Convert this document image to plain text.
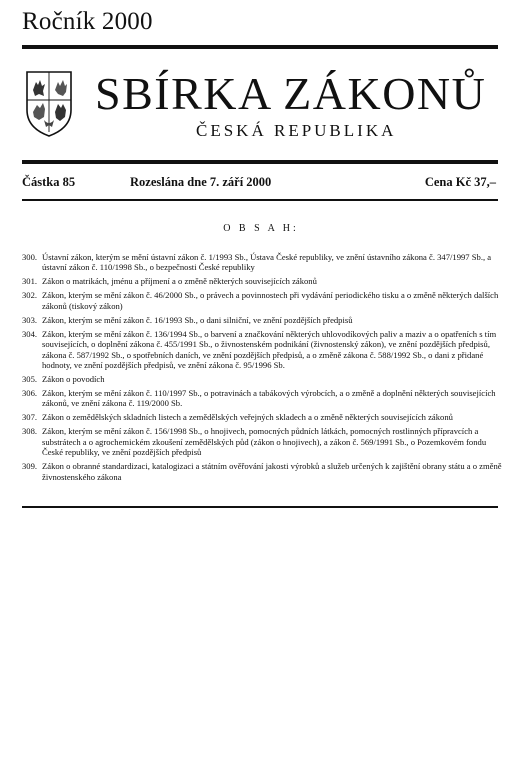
Ročník 2000
SBÍRKA ZÁKONŮ
ČESKÁ REPUBLIKA
Částka 85	Rozeslána dne 7. září 2000	Cena Kč 37,–
O B S A H:
300. Ústavní zákon, kterým se mění ústavní zákon č. 1/1993 Sb., Ústava České republiky, ve znění ústavního zákona č. 347/1997 Sb., a ústavní zákon č. 110/1998 Sb., o bezpečnosti České republiky
301. Zákon o matrikách, jménu a příjmení a o změně některých souvisejících zákonů
302. Zákon, kterým se mění zákon č. 46/2000 Sb., o právech a povinnostech při vydávání periodického tisku a o změně některých dalších zákonů (tiskový zákon)
303. Zákon, kterým se mění zákon č. 16/1993 Sb., o dani silniční, ve znění pozdějších předpisů
304. Zákon, kterým se mění zákon č. 136/1994 Sb., o barvení a značkování některých uhlovodíkových paliv a maziv a o opatřeních s tím souvisejících, o doplnění zákona č. 455/1991 Sb., o živnostenském podnikání (živnostenský zákon), ve znění pozdějších předpisů, zákona č. 587/1992 Sb., o spotřebních daních, ve znění pozdějších předpisů, a o změně zákona č. 588/1992 Sb., o dani z přidané hodnoty, ve znění pozdějších předpisů, ve znění zákona č. 95/1996 Sb.
305. Zákon o povodích
306. Zákon, kterým se mění zákon č. 110/1997 Sb., o potravinách a tabákových výrobcích, a o změně a doplnění některých souvisejících zákonů, ve znění zákona č. 119/2000 Sb.
307. Zákon o zemědělských skladních listech a zemědělských veřejných skladech a o změně některých souvisejících zákonů
308. Zákon, kterým se mění zákon č. 156/1998 Sb., o hnojivech, pomocných půdních látkách, pomocných rostlinných přípravcích a substrátech a o agrochemickém zkoušení zemědělských půd (zákon o hnojivech), a zákon č. 569/1991 Sb., o Pozemkovém fondu České republiky, ve znění pozdějších předpisů
309. Zákon o obranné standardizaci, katalogizaci a státním ověřování jakosti výrobků a služeb určených k zajištění obrany státu a o změně živnostenského zákona
